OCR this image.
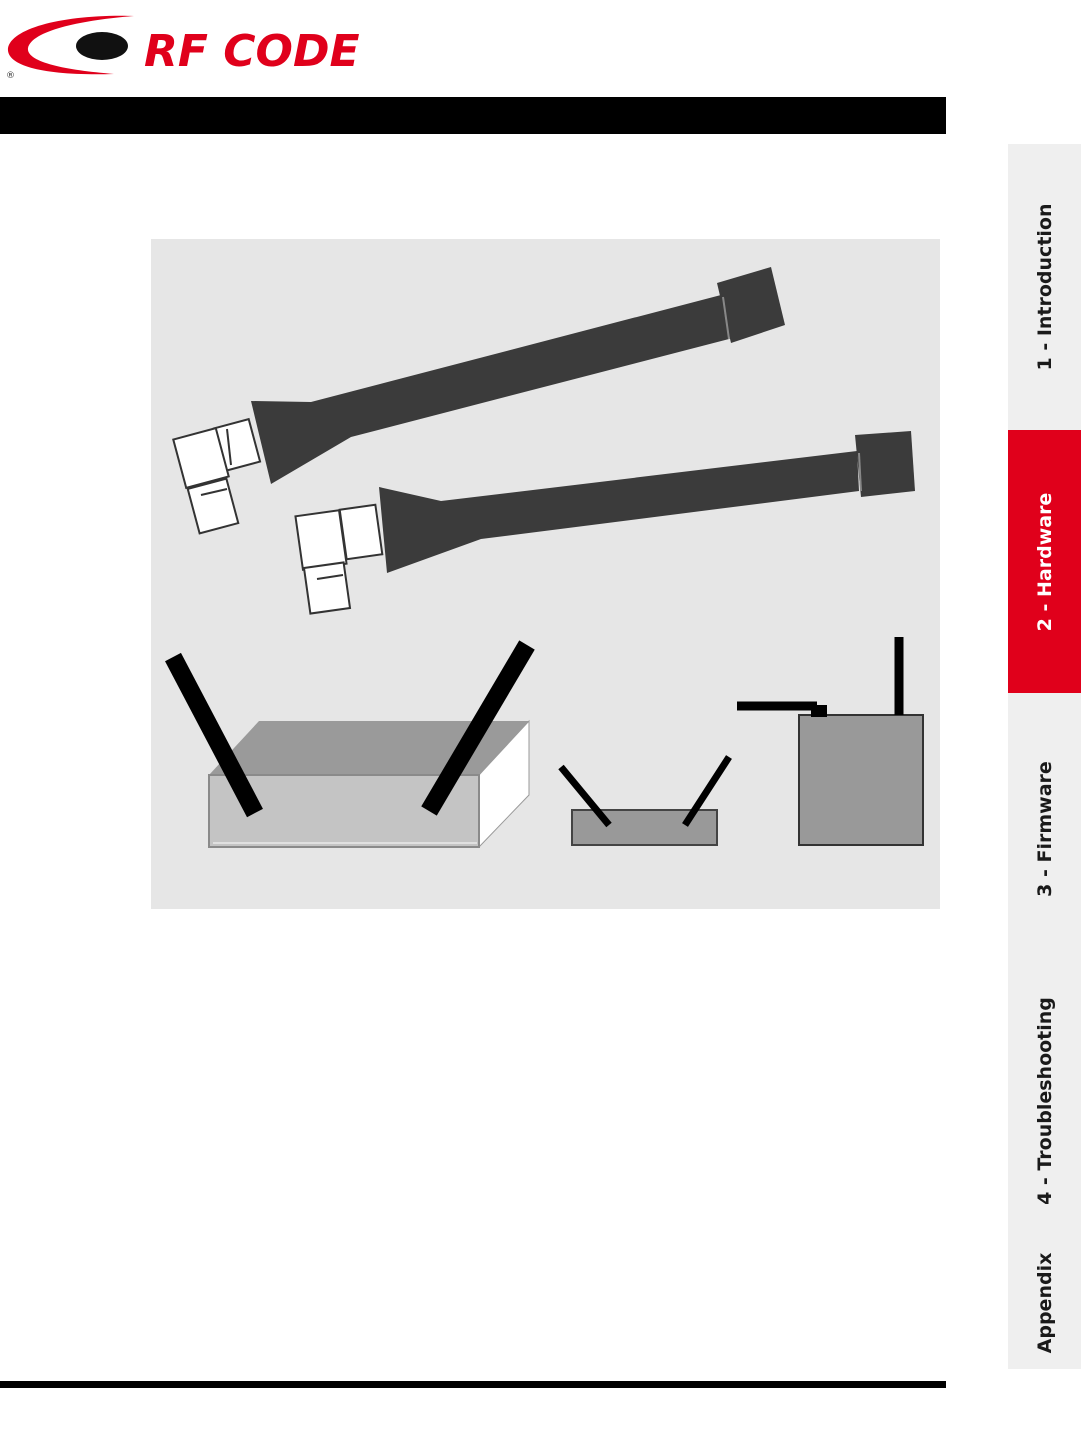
RF CODE
®
1 - Introduction
2 - Hardware
3 - Firmware
4 - Troubleshooting
Appendix
